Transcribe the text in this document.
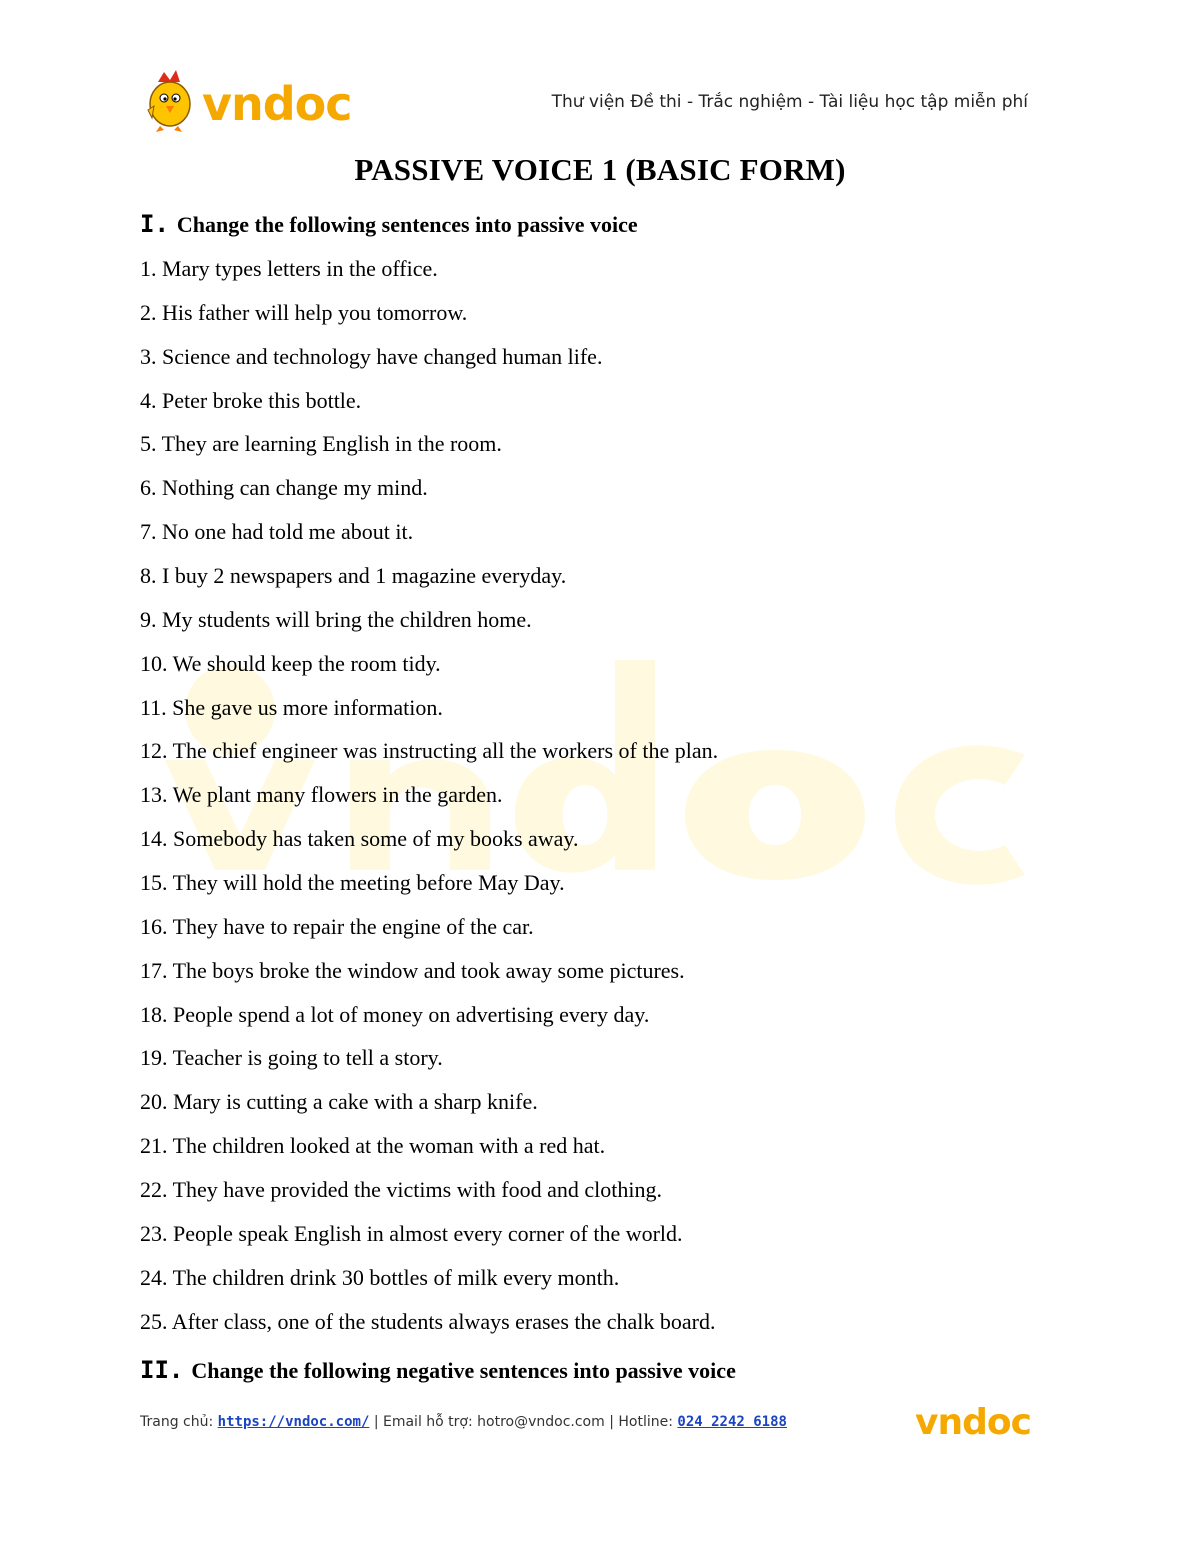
vndoc	Thư viện Đề thi - Trắc nghiệm - Tài liệu học tập miễn phí
PASSIVE VOICE 1 (BASIC FORM)
I. Change the following sentences into passive voice
1. Mary types letters in the office.
2. His father will help you tomorrow.
3. Science and technology have changed human life.
4. Peter broke this bottle.
5. They are learning English in the room.
6. Nothing can change my mind.
7. No one had told me about it.
8. I buy 2 newspapers and 1 magazine everyday.
9. My students will bring the children home.
10. We should keep the room tidy.
11. She gave us more information.
12. The chief engineer was instructing all the workers of the plan.
13. We plant many flowers in the garden.
14. Somebody has taken some of my books away.
15. They will hold the meeting before May Day.
16. They have to repair the engine of the car.
17. The boys broke the window and took away some pictures.
18. People spend a lot of money on advertising every day.
19. Teacher is going to tell a story.
20. Mary is cutting a cake with a sharp knife.
21. The children looked at the woman with a red hat.
22. They have provided the victims with food and clothing.
23. People speak English in almost every corner of the world.
24. The children drink 30 bottles of milk every month.
25. After class, one of the students always erases the chalk board.
II. Change the following negative sentences into passive voice
Trang chủ: https://vndoc.com/ | Email hỗ trợ: hotro@vndoc.com | Hotline: 024 2242 6188	vndoc
